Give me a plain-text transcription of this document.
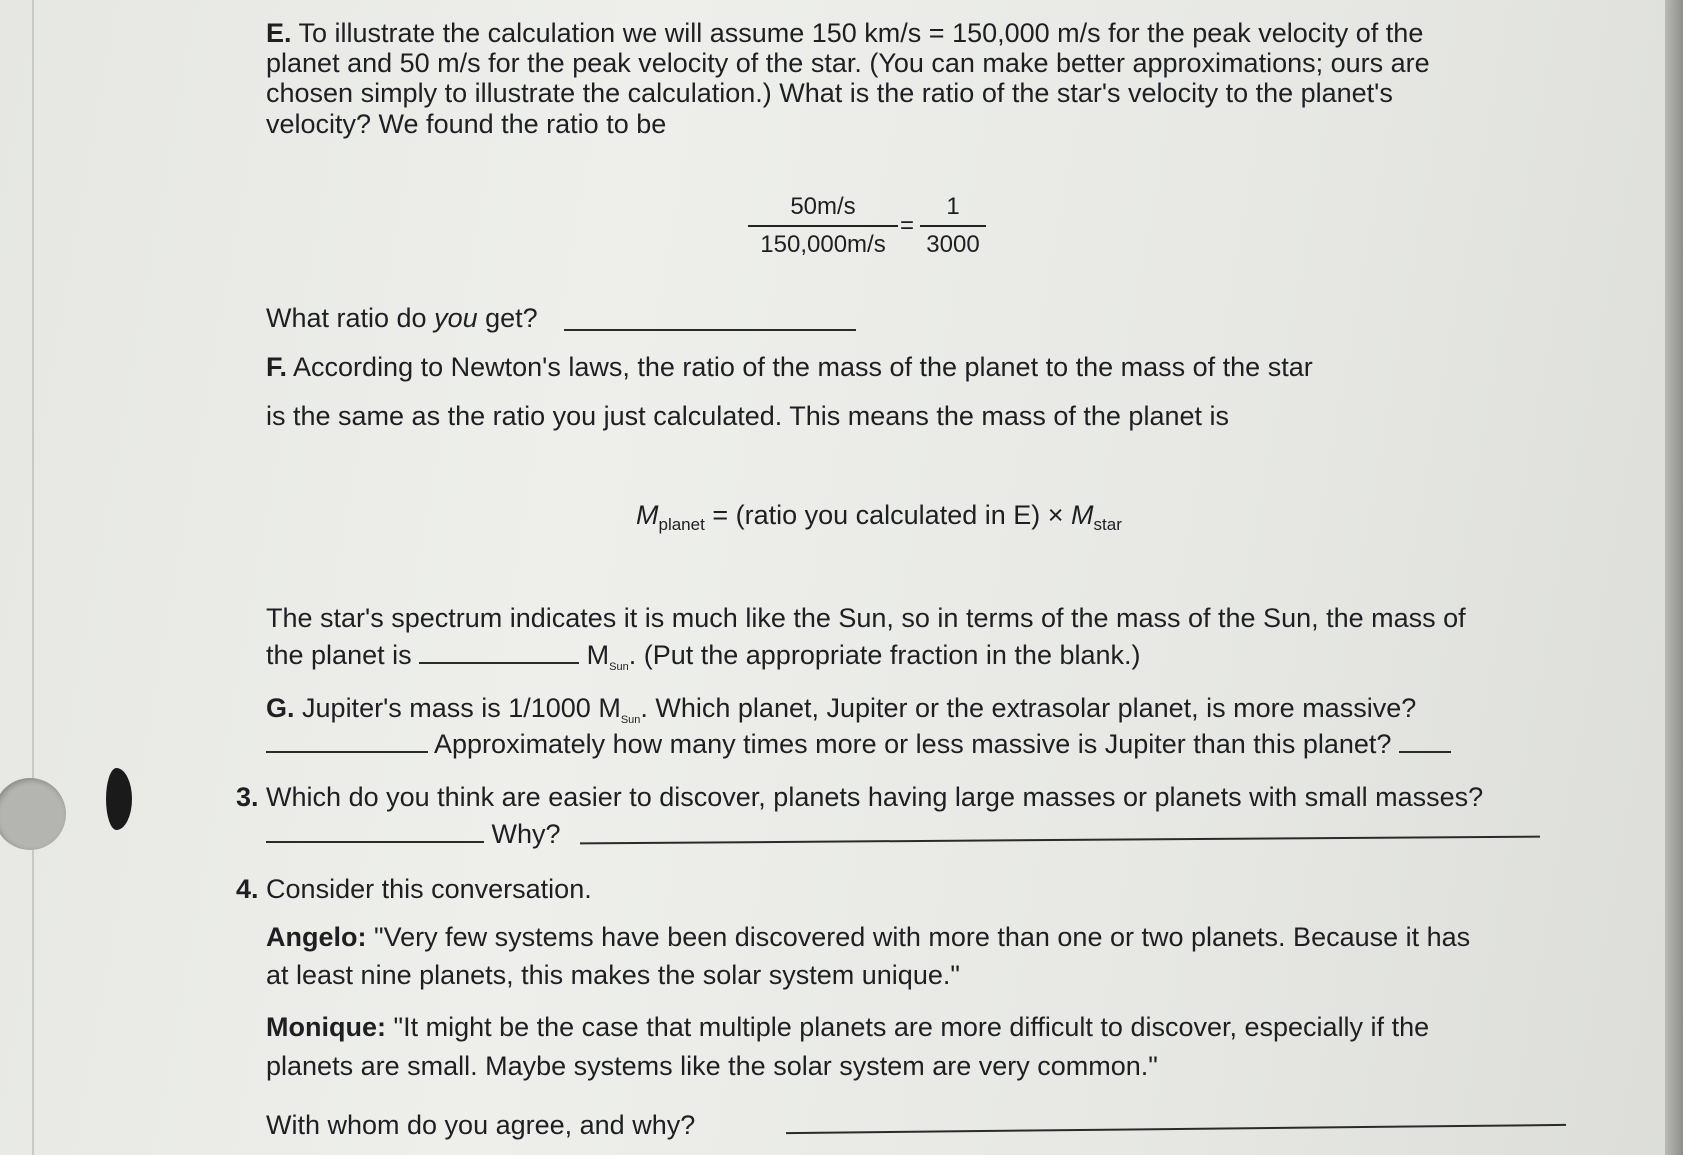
E. To illustrate the calculation we will assume 150 km/s = 150,000 m/s for the peak velocity of the
planet and 50 m/s for the peak velocity of the star. (You can make better approximations; ours are
chosen simply to illustrate the calculation.) What is the ratio of the star's velocity to the planet's
velocity? We found the ratio to be
$\frac{50m/s}{150,000m/s} = \frac{1}{3000}$
What ratio do you get?
F. According to Newton's laws, the ratio of the mass of the planet to the mass of the star
is the same as the ratio you just calculated. This means the mass of the planet is
$M_{planet}$ = (ratio you calculated in $E) \times M_{star}$
The star's spectrum indicates it is much like the Sun, so in terms of the mass of the Sun, the mass of
the planet is	$M_{Sun}$. (Put the appropriate fraction in the blank.)
G. Jupiter's mass is 1/1000 $M_{Sun}$. Which planet, Jupiter or the extrasolar planet, is more massive?
Approximately how many times more or less massive is Jupiter than this planet?
3. Which do you think are easier to discover, planets having large masses or planets with small masses?
Why?
4. Consider this conversation.
Angelo: "Very few systems have been discovered with more than one or two planets. Because it has
at least nine planets, this makes the solar system unique."
Monique: "It might be the case that multiple planets are more difficult to discover, especially if the
planets are small. Maybe systems like the solar system are very common."
With whom do you agree, and why?
